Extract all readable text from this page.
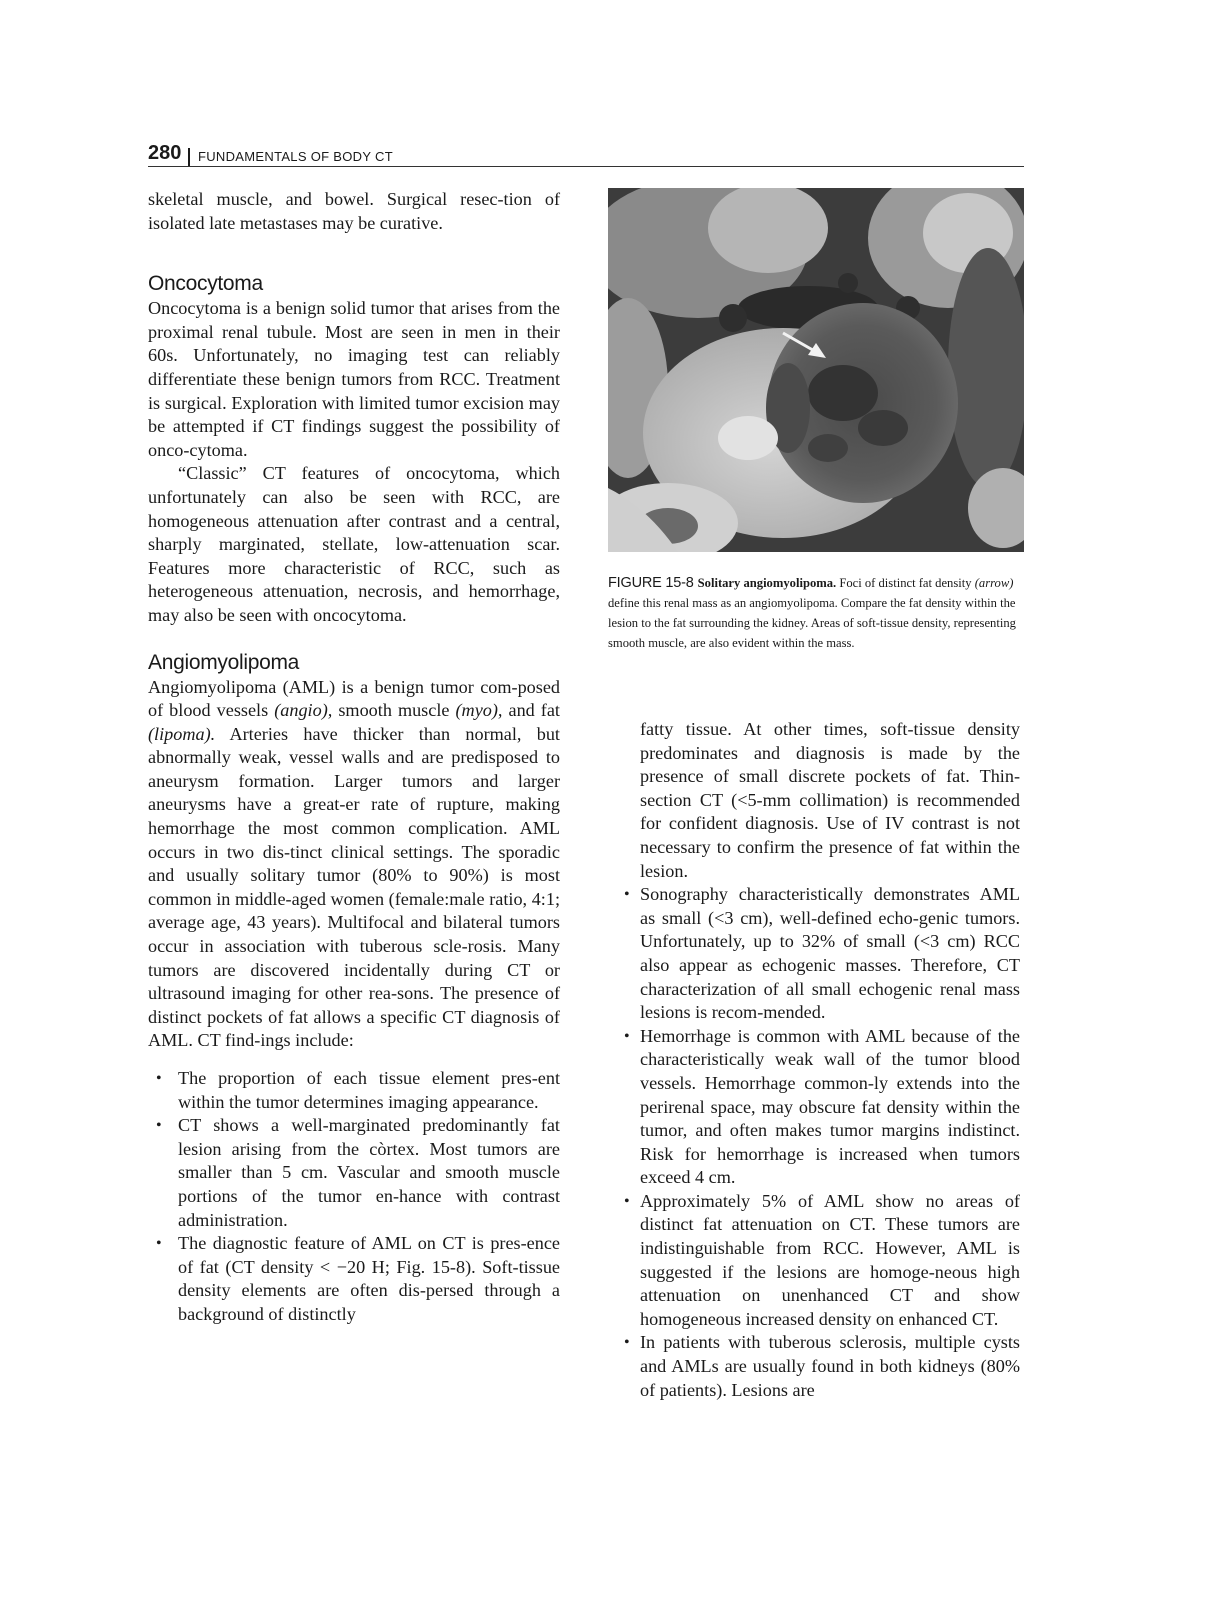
280 FUNDAMENTALS OF BODY CT

skeletal muscle, and bowel. Surgical resec-tion of isolated late metastases may be curative.

Oncocytoma

Oncocytoma is a benign solid tumor that arises from the proximal renal tubule. Most are seen in men in their 60s. Unfortunately, no imaging test can reliably differentiate these benign tumors from RCC. Treatment is surgical. Exploration with limited tumor excision may be attempted if CT findings suggest the possibility of onco-cytoma.

“Classic” CT features of oncocytoma, which unfortunately can also be seen with RCC, are homogeneous attenuation after contrast and a central, sharply marginated, stellate, low-attenuation scar. Features more characteristic of RCC, such as heterogeneous attenuation, necrosis, and hemorrhage, may also be seen with oncocytoma.

Angiomyolipoma

Angiomyolipoma (AML) is a benign tumor com-posed of blood vessels (angio), smooth muscle (myo), and fat (lipoma). Arteries have thicker than normal, but abnormally weak, vessel walls and are predisposed to aneurysm formation. Larger tumors and larger aneurysms have a great-er rate of rupture, making hemorrhage the most common complication. AML occurs in two dis-tinct clinical settings. The sporadic and usually solitary tumor (80% to 90%) is most common in middle-aged women (female:male ratio, 4:1; average age, 43 years). Multifocal and bilateral tumors occur in association with tuberous scle-rosis. Many tumors are discovered incidentally during CT or ultrasound imaging for other rea-sons. The presence of distinct pockets of fat allows a specific CT diagnosis of AML. CT find-ings include:

• The proportion of each tissue element pres-ent within the tumor determines imaging appearance.
• CT shows a well-marginated predominantly fat lesion arising from the còrtex. Most tumors are smaller than 5 cm. Vascular and smooth muscle portions of the tumor en-hance with contrast administration.
• The diagnostic feature of AML on CT is pres-ence of fat (CT density < −20 H; Fig. 15-8). Soft-tissue density elements are often dis-persed through a background of distinctly
FIGURE 15-8 Solitary angiomyolipoma. Foci of distinct fat density (arrow) define this renal mass as an angiomyolipoma. Compare the fat density within the lesion to the fat surrounding the kidney. Areas of soft-tissue density, representing smooth muscle, are also evident within the mass.

fatty tissue. At other times, soft-tissue density predominates and diagnosis is made by the presence of small discrete pockets of fat. Thin-section CT (<5-mm collimation) is recommended for confident diagnosis. Use of IV contrast is not necessary to confirm the presence of fat within the lesion.

• Sonography characteristically demonstrates AML as small (<3 cm), well-defined echo-genic tumors. Unfortunately, up to 32% of small (<3 cm) RCC also appear as echogenic masses. Therefore, CT characterization of all small echogenic renal mass lesions is recom-mended.
• Hemorrhage is common with AML because of the characteristically weak wall of the tumor blood vessels. Hemorrhage common-ly extends into the perirenal space, may obscure fat density within the tumor, and often makes tumor margins indistinct. Risk for hemorrhage is increased when tumors exceed 4 cm.
• Approximately 5% of AML show no areas of distinct fat attenuation on CT. These tumors are indistinguishable from RCC. However, AML is suggested if the lesions are homoge-neous high attenuation on unenhanced CT and show homogeneous increased density on enhanced CT.
• In patients with tuberous sclerosis, multiple cysts and AMLs are usually found in both kidneys (80% of patients). Lesions are
